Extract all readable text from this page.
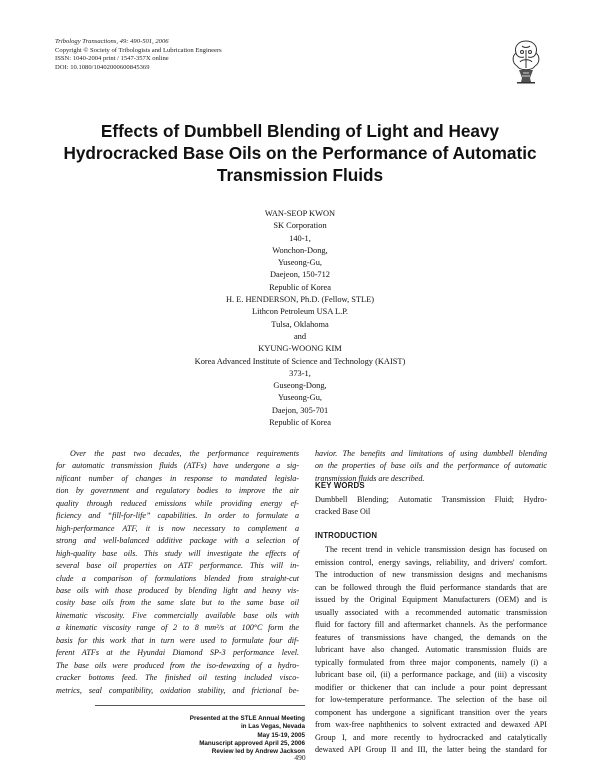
Tribology Transactions, 49: 490-501, 2006
Copyright © Society of Tribologists and Lubrication Engineers
ISSN: 1040-2004 print / 1547-357X online
DOI: 10.1080/10402000600845369
Effects of Dumbbell Blending of Light and Heavy
Hydrocracked Base Oils on the Performance of Automatic
Transmission Fluids
WAN-SEOP KWON
SK Corporation
140-1,
Wonchon-Dong,
Yuseong-Gu,
Daejeon, 150-712
Republic of Korea
H. E. HENDERSON, Ph.D. (Fellow, STLE)
Lithcon Petroleum USA L.P.
Tulsa, Oklahoma
and
KYUNG-WOONG KIM
Korea Advanced Institute of Science and Technology (KAIST)
373-1,
Guseong-Dong,
Yuseong-Gu,
Daejon, 305-701
Republic of Korea
Over the past two decades, the performance requirements
for automatic transmission fluids (ATFs) have undergone a sig-
nificant number of changes in response to mandated legisla-
tion by government and regulatory bodies to improve the air
quality through reduced emissions while providing energy ef-
ficiency and “fill-for-life” capabilities. In order to formulate a
high-performance ATF, it is now necessary to complement a
strong and well-balanced additive package with a selection of
high-quality base oils. This study will investigate the effects of
several base oil properties on ATF performance. This will in-
clude a comparison of formulations blended from straight-cut
base oils with those produced by blending light and heavy vis-
cosity base oils from the same slate but to the same base oil
kinematic viscosity. Five commercially available base oils with
a kinematic viscosity range of 2 to 8 mm²/s at 100°C form the
basis for this work that in turn were used to formulate four dif-
ferent ATFs at the Hyundai Diamond SP-3 performance level.
The base oils were produced from the iso-dewaxing of a hydro-
cracker bottoms feed. The finished oil testing included visco-
metrics, seal compatibility, oxidation stability, and frictional be-
havior. The benefits and limitations of using dumbbell blending
on the properties of base oils and the performance of automatic
transmission fluids are described.
KEY WORDS
Dumbbell Blending; Automatic Transmission Fluid; Hydro-
cracked Base Oil
INTRODUCTION
The recent trend in vehicle transmission design has focused on
emission control, energy savings, reliability, and drivers' comfort.
The introduction of new transmission designs and mechanisms
can be followed through the fluid performance standards that are
issued by the Original Equipment Manufacturers (OEM) and is
usually associated with a recommended automatic transmission
fluid for factory fill and aftermarket channels. As the performance
features of transmissions have changed, the demands on the
lubricant have also changed. Automatic transmission fluids are
typically formulated from three major components, namely (i) a
lubricant base oil, (ii) a performance package, and (iii) a viscosity
modifier or thickener that can include a pour point depressant
for low-temperature performance. The selection of the base oil
component has undergone a significant transition over the years
from wax-free naphthenics to solvent extracted and dewaxed API
Group I, and more recently to hydrocracked and catalytically
dewaxed API Group II and III, the latter being the standard for
Presented at the STLE Annual Meeting
in Las Vegas, Nevada
May 15-19, 2005
Manuscript approved April 25, 2006
Review led by Andrew Jackson
490
